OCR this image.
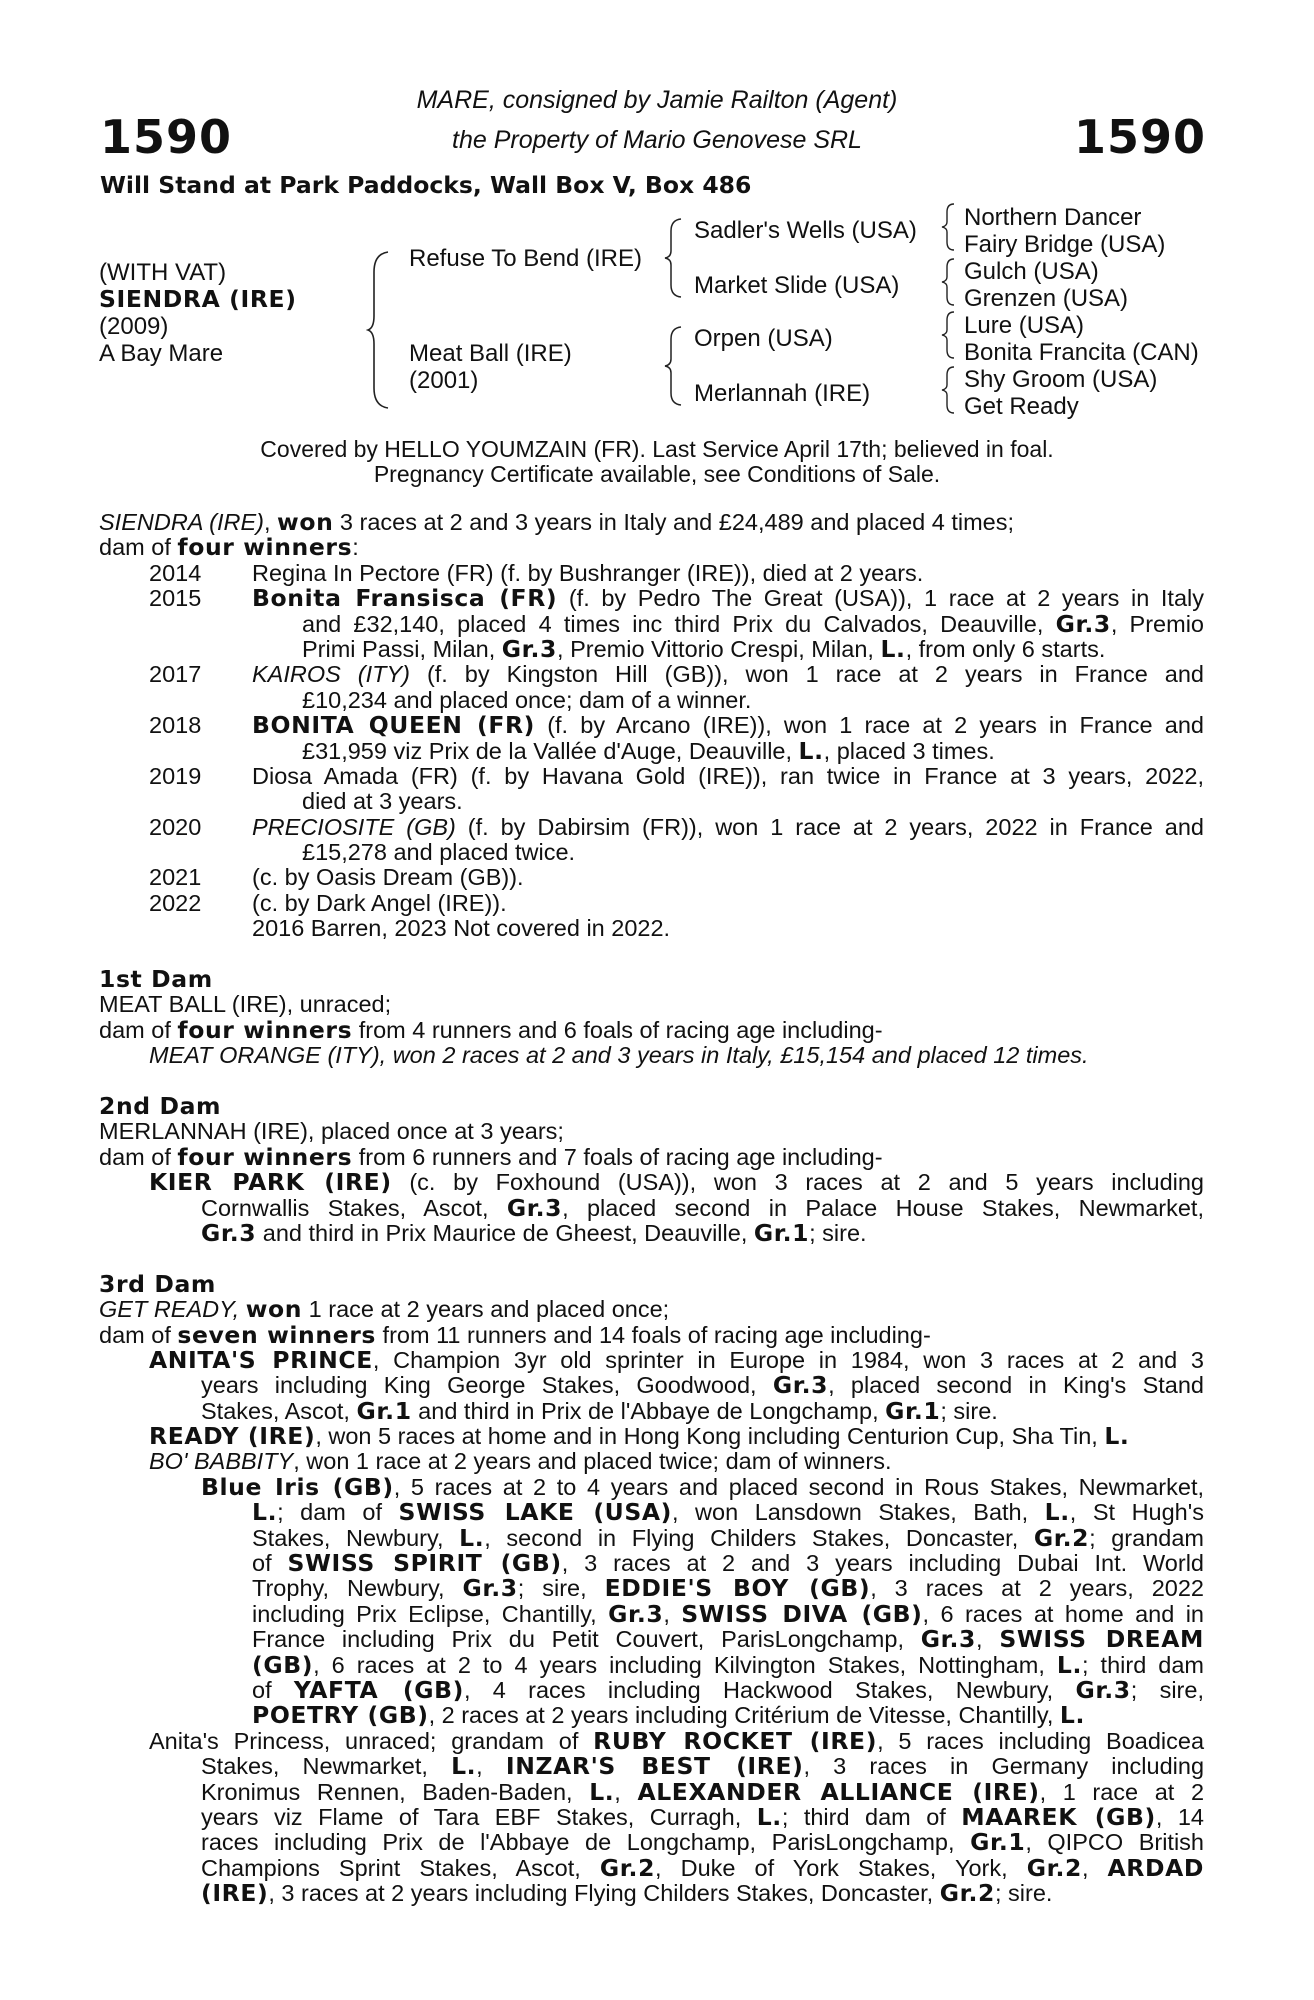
1590	1590
MARE, consigned by Jamie Railton (Agent)
the Property of Mario Genovese SRL
Will Stand at Park Paddocks, Wall Box V, Box 486
(WITH VAT)
SIENDRA (IRE)
(2009)
A Bay Mare
Refuse To Bend (IRE)
Meat Ball (IRE)
(2001)
Sadler's Wells (USA)
Market Slide (USA)
Orpen (USA)
Merlannah (IRE)
Northern Dancer
Fairy Bridge (USA)
Gulch (USA)
Grenzen (USA)
Lure (USA)
Bonita Francita (CAN)
Shy Groom (USA)
Get Ready
Covered by HELLO YOUMZAIN (FR). Last Service April 17th; believed in foal.
Pregnancy Certificate available, see Conditions of Sale.
SIENDRA (IRE), won 3 races at 2 and 3 years in Italy and £24,489 and placed 4 times;
dam of four winners:
2014 Regina In Pectore (FR) (f. by Bushranger (IRE)), died at 2 years.
2015 Bonita Fransisca (FR) (f. by Pedro The Great (USA)), 1 race at 2 years in Italy
and £32,140, placed 4 times inc third Prix du Calvados, Deauville, Gr.3, Premio
Primi Passi, Milan, Gr.3, Premio Vittorio Crespi, Milan, L., from only 6 starts.
2017 KAIROS (ITY) (f. by Kingston Hill (GB)), won 1 race at 2 years in France and
£10,234 and placed once; dam of a winner.
2018 BONITA QUEEN (FR) (f. by Arcano (IRE)), won 1 race at 2 years in France and
£31,959 viz Prix de la Vallée d'Auge, Deauville, L., placed 3 times.
2019 Diosa Amada (FR) (f. by Havana Gold (IRE)), ran twice in France at 3 years, 2022,
died at 3 years.
2020 PRECIOSITE (GB) (f. by Dabirsim (FR)), won 1 race at 2 years, 2022 in France and
£15,278 and placed twice.
2021 (c. by Oasis Dream (GB)).
2022 (c. by Dark Angel (IRE)).
2016 Barren, 2023 Not covered in 2022.
1st Dam
MEAT BALL (IRE), unraced;
dam of four winners from 4 runners and 6 foals of racing age including-
MEAT ORANGE (ITY), won 2 races at 2 and 3 years in Italy, £15,154 and placed 12 times.
2nd Dam
MERLANNAH (IRE), placed once at 3 years;
dam of four winners from 6 runners and 7 foals of racing age including-
KIER PARK (IRE) (c. by Foxhound (USA)), won 3 races at 2 and 5 years including
Cornwallis Stakes, Ascot, Gr.3, placed second in Palace House Stakes, Newmarket,
Gr.3 and third in Prix Maurice de Gheest, Deauville, Gr.1; sire.
3rd Dam
GET READY, won 1 race at 2 years and placed once;
dam of seven winners from 11 runners and 14 foals of racing age including-
ANITA'S PRINCE, Champion 3yr old sprinter in Europe in 1984, won 3 races at 2 and 3
years including King George Stakes, Goodwood, Gr.3, placed second in King's Stand
Stakes, Ascot, Gr.1 and third in Prix de l'Abbaye de Longchamp, Gr.1; sire.
READY (IRE), won 5 races at home and in Hong Kong including Centurion Cup, Sha Tin, L.
BO' BABBITY, won 1 race at 2 years and placed twice; dam of winners.
Blue Iris (GB), 5 races at 2 to 4 years and placed second in Rous Stakes, Newmarket,
L.; dam of SWISS LAKE (USA), won Lansdown Stakes, Bath, L., St Hugh's
Stakes, Newbury, L., second in Flying Childers Stakes, Doncaster, Gr.2; grandam
of SWISS SPIRIT (GB), 3 races at 2 and 3 years including Dubai Int. World
Trophy, Newbury, Gr.3; sire, EDDIE'S BOY (GB), 3 races at 2 years, 2022
including Prix Eclipse, Chantilly, Gr.3, SWISS DIVA (GB), 6 races at home and in
France including Prix du Petit Couvert, ParisLongchamp, Gr.3, SWISS DREAM
(GB), 6 races at 2 to 4 years including Kilvington Stakes, Nottingham, L.; third dam
of YAFTA (GB), 4 races including Hackwood Stakes, Newbury, Gr.3; sire,
POETRY (GB), 2 races at 2 years including Critérium de Vitesse, Chantilly, L.
Anita's Princess, unraced; grandam of RUBY ROCKET (IRE), 5 races including Boadicea
Stakes, Newmarket, L., INZAR'S BEST (IRE), 3 races in Germany including
Kronimus Rennen, Baden-Baden, L., ALEXANDER ALLIANCE (IRE), 1 race at 2
years viz Flame of Tara EBF Stakes, Curragh, L.; third dam of MAAREK (GB), 14
races including Prix de l'Abbaye de Longchamp, ParisLongchamp, Gr.1, QIPCO British
Champions Sprint Stakes, Ascot, Gr.2, Duke of York Stakes, York, Gr.2, ARDAD
(IRE), 3 races at 2 years including Flying Childers Stakes, Doncaster, Gr.2; sire.
